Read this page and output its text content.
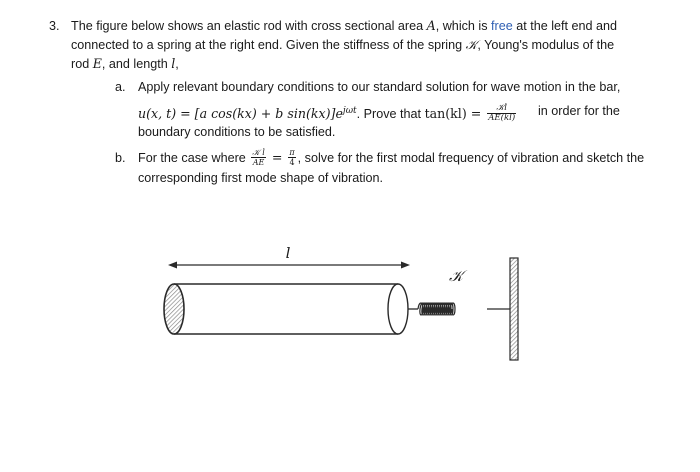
3. The figure below shows an elastic rod with cross sectional area A, which is free at the left end and
connected to a spring at the right end. Given the stiffness of the spring 𝒦, Young's modulus of the
rod E, and length l,
a. Apply relevant boundary conditions to our standard solution for wave motion in the bar,
u(x, t) = [a cos(kx) + b $\sin(kx)]e^{j\omega t}$. Prove that $\tan(kl) = \frac{\text{𝒦l}}{AE(kl)}$ in order for the
boundary conditions to be satisfied.
b. For the case where $\frac{\text{𝒦 l}}{AE} = \frac{\pi}{4}$ , solve for the first modal frequency of vibration and sketch the
corresponding first mode shape of vibration.
l
𝒦
